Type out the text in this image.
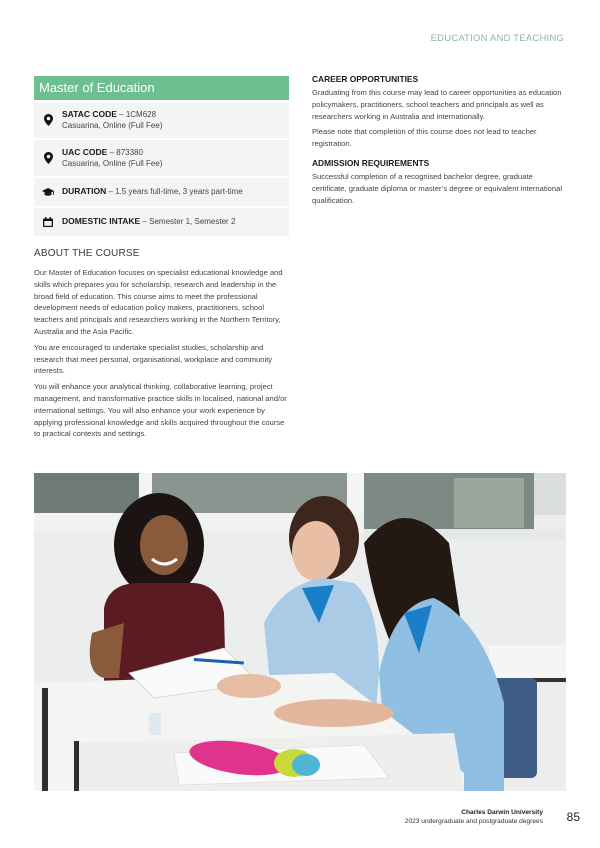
EDUCATION AND TEACHING
Master of Education
SATAC CODE – 1CM628
Casuarina, Online (Full Fee)
UAC CODE – 873380
Casuarina, Online (Full Fee)
DURATION – 1.5 years full-time, 3 years part-time
DOMESTIC INTAKE – Semester 1, Semester 2
ABOUT THE COURSE

Our Master of Education focuses on specialist educational knowledge and skills which prepares you for scholarship, research and leadership in the broad field of education. This course aims to meet the professional development needs of education policy makers, practitioners, school teachers and principals and researchers working in the Northern Territory, Australia and the Asia Pacific.

You are encouraged to undertake specialist studies, scholarship and research that meet personal, organisational, workplace and community interests.

You will enhance your analytical thinking, collaborative learning, project management, and transformative practice skills in localised, national and/or international settings. You will also enhance your work experience by applying professional knowledge and skills acquired throughout the course to practical contexts and settings.

CAREER OPPORTUNITIES

Graduating from this course may lead to career opportunities as education policymakers, practitioners, school teachers and principals as well as researchers working in Australia and internationally.

Please note that completion of this course does not lead to teacher registration.

ADMISSION REQUIREMENTS

Successful completion of a recognised bachelor degree, graduate certificate, graduate diploma or master’s degree or equivalent international qualification.

Charles Darwin University
2023 undergraduate and postgraduate degrees 85
